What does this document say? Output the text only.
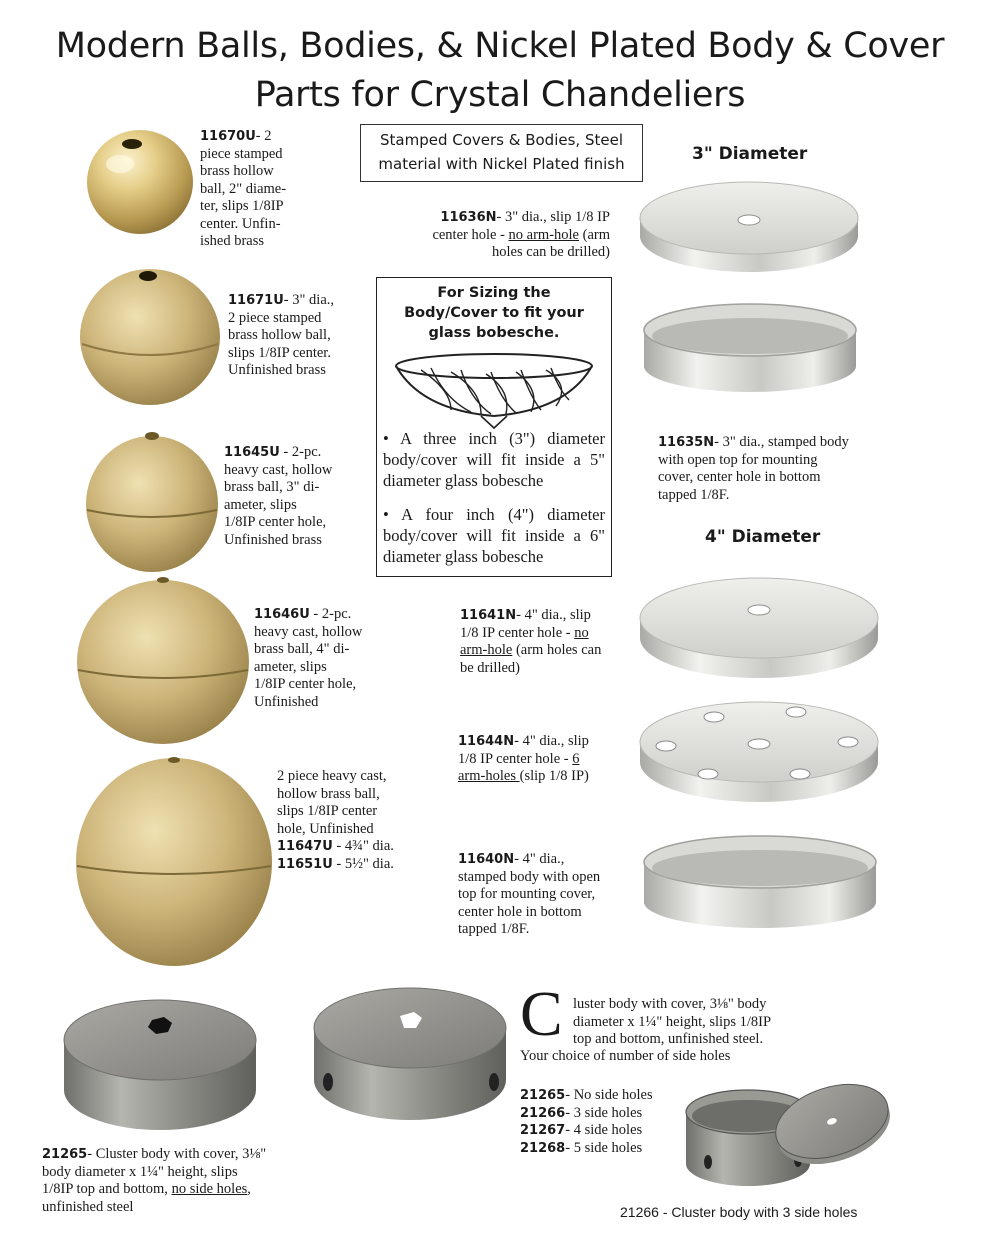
Modern Balls, Bodies, & Nickel Plated Body & Cover
Parts for Crystal Chandeliers
Stamped Covers & Bodies, Steel
material with Nickel Plated finish	3" Diameter
4" Diameter
11670U- 2
piece stamped
brass hollow
ball, 2" diame-
ter, slips 1/8IP
center. Unfin-
ished brass
11671U- 3" dia.,
2 piece stamped
brass hollow ball,
slips 1/8IP center.
Unfinished brass
11645U - 2-pc.
heavy cast, hollow
brass ball, 3" di-
ameter, slips
1/8IP center hole,
Unfinished brass
11646U - 2-pc.
heavy cast, hollow
brass ball, 4" di-
ameter, slips
1/8IP center hole,
Unfinished
2 piece heavy cast,
hollow brass ball,
slips 1/8IP center
hole, Unfinished
11647U - 4¾" dia.
11651U - 5½" dia.
For Sizing the
Body/Cover to fit your
glass bobesche.
• A three inch (3") diameter body/cover will fit inside a 5" diameter glass bobesche
• A four inch (4") diameter body/cover will fit inside a 6" diameter glass bobesche
11636N- 3" dia., slip 1/8 IP
center hole - no arm-hole (arm
holes can be drilled)
11635N- 3" dia., stamped body
with open top for mounting
cover, center hole in bottom
tapped 1/8F.
11641N- 4" dia., slip
1/8 IP center hole - no
arm-hole (arm holes can
be drilled)
11644N- 4" dia., slip
1/8 IP center hole - 6
arm-holes (slip 1/8 IP)
11640N- 4" dia.,
stamped body with open
top for mounting cover,
center hole in bottom
tapped 1/8F.
C luster body with cover, 3⅛" body
diameter x 1¼" height, slips 1/8IP
top and bottom, unfinished steel.
Your choice of number of side holes
21265- No side holes
21266- 3 side holes
21267- 4 side holes
21268- 5 side holes
21265- Cluster body with cover, 3⅛"
body diameter x 1¼" height, slips
1/8IP top and bottom, no side holes,
unfinished steel	21266 - Cluster body with 3 side holes
